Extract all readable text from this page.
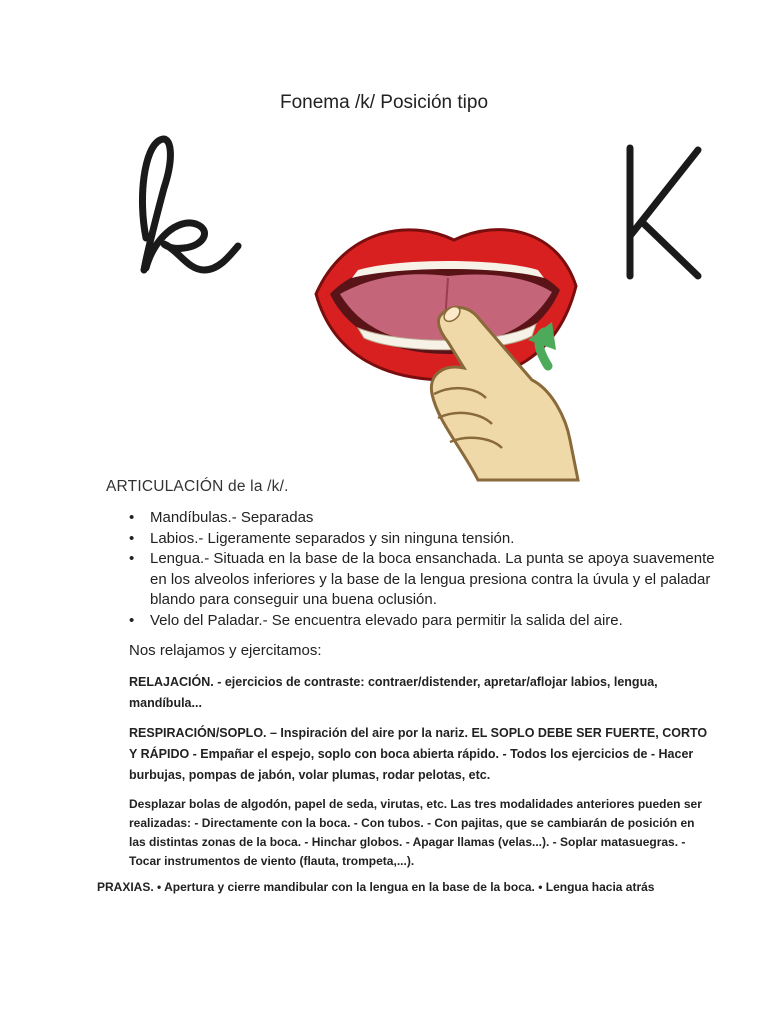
Fonema /k/ Posición tipo
ARTICULACIÓN de la /k/.
• Mandíbulas.- Separadas
• Labios.- Ligeramente separados y sin ninguna tensión.
• Lengua.- Situada en la base de la boca ensanchada. La punta se apoya suavemente en los alveolos inferiores y la base de la lengua presiona contra la úvula y el paladar blando para conseguir una buena oclusión.
• Velo del Paladar.- Se encuentra elevado para permitir la salida del aire.
Nos relajamos y ejercitamos:
RELAJACIÓN. - ejercicios de contraste: contraer/distender, apretar/aflojar labios, lengua, mandíbula...
RESPIRACIÓN/SOPLO. – Inspiración del aire por la nariz. EL SOPLO DEBE SER FUERTE, CORTO Y RÁPIDO - Empañar el espejo, soplo con boca abierta rápido. - Todos los ejercicios de - Hacer burbujas, pompas de jabón, volar plumas, rodar pelotas, etc.
Desplazar bolas de algodón, papel de seda, virutas, etc. Las tres modalidades anteriores pueden ser realizadas: - Directamente con la boca. - Con tubos. - Con pajitas, que se cambiarán de posición en las distintas zonas de la boca. - Hinchar globos. - Apagar llamas (velas...). - Soplar matasuegras. - Tocar instrumentos de viento (flauta, trompeta,...).
PRAXIAS. • Apertura y cierre mandibular con la lengua en la base de la boca. • Lengua hacia atrás
